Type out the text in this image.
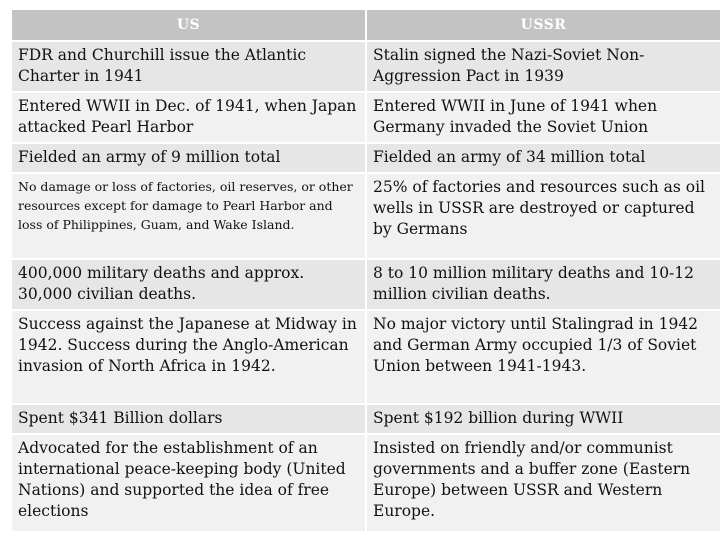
US	USSR
FDR and Churchill issue the Atlantic Charter in 1941	Stalin signed the Nazi-Soviet Non-Aggression Pact in 1939
Entered WWII in Dec. of 1941, when Japan attacked Pearl Harbor	Entered WWII in June of 1941 when Germany invaded the Soviet Union
Fielded an army of 9 million total	Fielded an army of 34 million total
No damage or loss of factories, oil reserves, or other resources except for damage to Pearl Harbor and loss of Philippines, Guam, and Wake Island.	25% of factories and resources such as oil wells in USSR are destroyed or captured by Germans
400,000 military deaths and approx. 30,000 civilian deaths.	8 to 10 million military deaths and 10-12 million civilian deaths.
Success against the Japanese at Midway in 1942. Success during the Anglo-American invasion of North Africa in 1942.	No major victory until Stalingrad in 1942 and German Army occupied 1/3 of Soviet Union between 1941-1943.
Spent $341 Billion dollars	Spent $192 billion during WWII
Advocated for the establishment of an international peace-keeping body (United Nations) and supported the idea of free elections	Insisted on friendly and/or communist governments and a buffer zone (Eastern Europe) between USSR and Western Europe.
